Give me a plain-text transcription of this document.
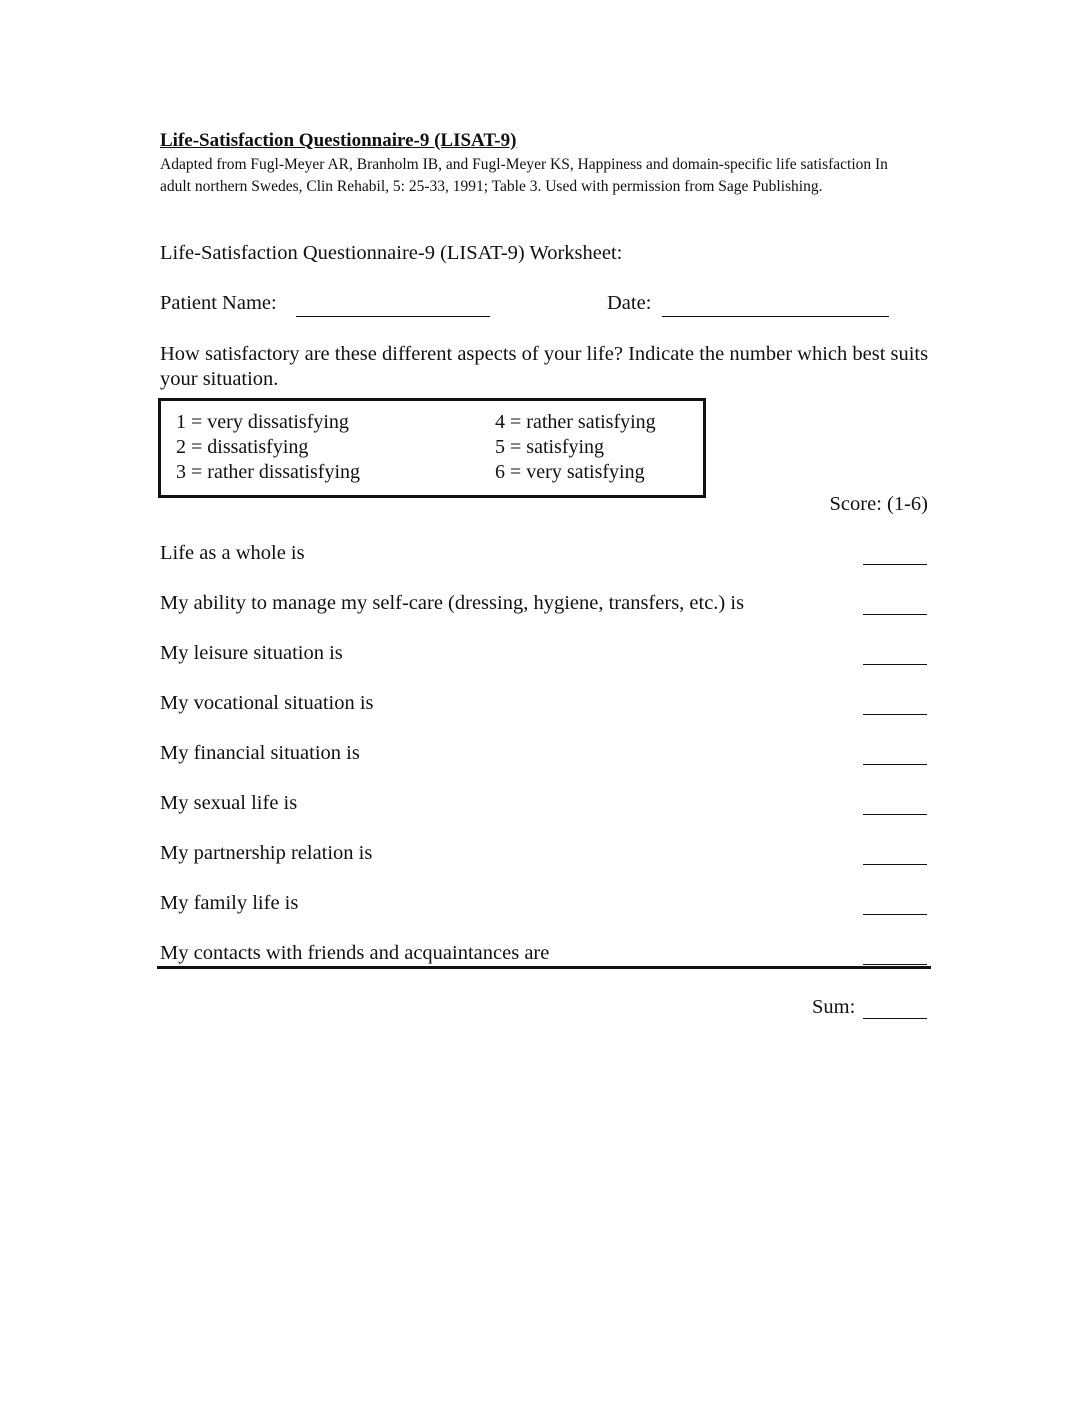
Life-Satisfaction Questionnaire-9 (LISAT-9)
Adapted from Fugl-Meyer AR, Branholm IB, and Fugl-Meyer KS, Happiness and domain-specific life satisfaction In adult northern Swedes, Clin Rehabil, 5: 25-33, 1991; Table 3. Used with permission from Sage Publishing.
Life-Satisfaction Questionnaire-9 (LISAT-9) Worksheet:
Patient Name:	Date:
How satisfactory are these different aspects of your life? Indicate the number which best suits your situation.
1 = very dissatisfying
2 = dissatisfying
3 = rather dissatisfying
4 = rather satisfying
5 = satisfying
6 = very satisfying
Score: (1-6)
Life as a whole is
My ability to manage my self-care (dressing, hygiene, transfers, etc.) is
My leisure situation is
My vocational situation is
My financial situation is
My sexual life is
My partnership relation is
My family life is
My contacts with friends and acquaintances are
Sum:
